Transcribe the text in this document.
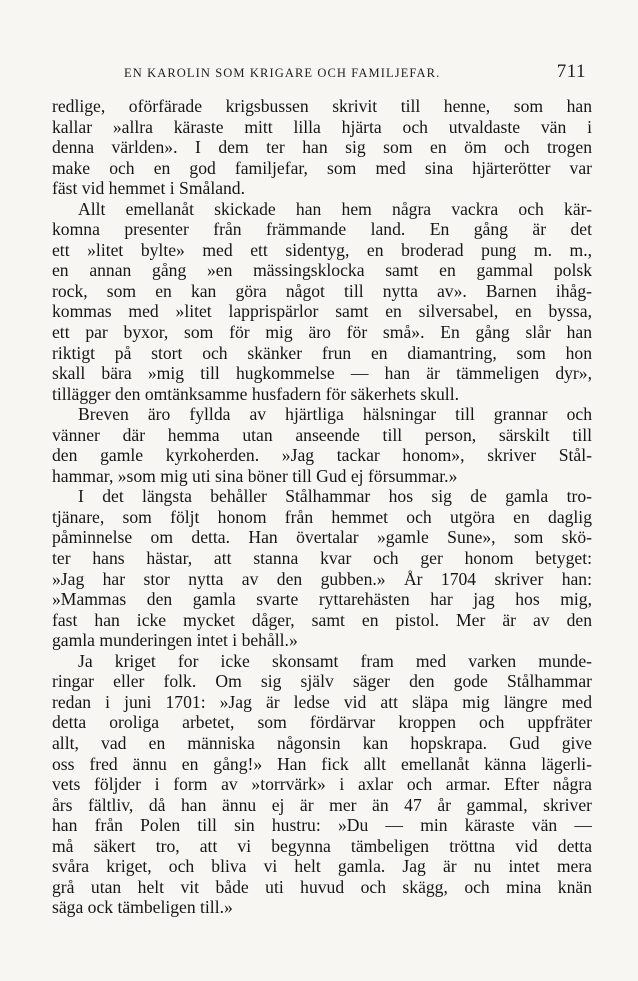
EN KAROLIN SOM KRIGARE OCH FAMILJEFAR.	711
redlige, oförfärade krigsbussen skrivit till henne, som han
kallar »allra käraste mitt lilla hjärta och utvaldaste vän i
denna världen». I dem ter han sig som en öm och trogen
make och en god familjefar, som med sina hjärterötter var
fäst vid hemmet i Småland.
Allt emellanåt skickade han hem några vackra och kär-
komna presenter från främmande land. En gång är det
ett »litet bylte» med ett sidentyg, en broderad pung m. m.,
en annan gång »en mässingsklocka samt en gammal polsk
rock, som en kan göra något till nytta av». Barnen ihåg-
kommas med »litet lapprispärlor samt en silversabel, en byssa,
ett par byxor, som för mig äro för små». En gång slår han
riktigt på stort och skänker frun en diamantring, som hon
skall bära »mig till hugkommelse — han är tämmeligen dyr»,
tillägger den omtänksamme husfadern för säkerhets skull.
Breven äro fyllda av hjärtliga hälsningar till grannar och
vänner där hemma utan anseende till person, särskilt till
den gamle kyrkoherden. »Jag tackar honom», skriver Stål-
hammar, »som mig uti sina böner till Gud ej försummar.»
I det längsta behåller Stålhammar hos sig de gamla tro-
tjänare, som följt honom från hemmet och utgöra en daglig
påminnelse om detta. Han övertalar »gamle Sune», som skö-
ter hans hästar, att stanna kvar och ger honom betyget:
»Jag har stor nytta av den gubben.» År 1704 skriver han:
»Mammas den gamla svarte ryttarehästen har jag hos mig,
fast han icke mycket dåger, samt en pistol. Mer är av den
gamla munderingen intet i behåll.»
Ja kriget for icke skonsamt fram med varken munde-
ringar eller folk. Om sig själv säger den gode Stålhammar
redan i juni 1701: »Jag är ledse vid att släpa mig längre med
detta oroliga arbetet, som fördärvar kroppen och uppfräter
allt, vad en människa någonsin kan hopskrapa. Gud give
oss fred ännu en gång!» Han fick allt emellanåt känna lägerli-
vets följder i form av »torrvärk» i axlar och armar. Efter några
års fältliv, då han ännu ej är mer än 47 år gammal, skriver
han från Polen till sin hustru: »Du — min käraste vän —
må säkert tro, att vi begynna tämbeligen tröttna vid detta
svåra kriget, och bliva vi helt gamla. Jag är nu intet mera
grå utan helt vit både uti huvud och skägg, och mina knän
säga ock tämbeligen till.»
